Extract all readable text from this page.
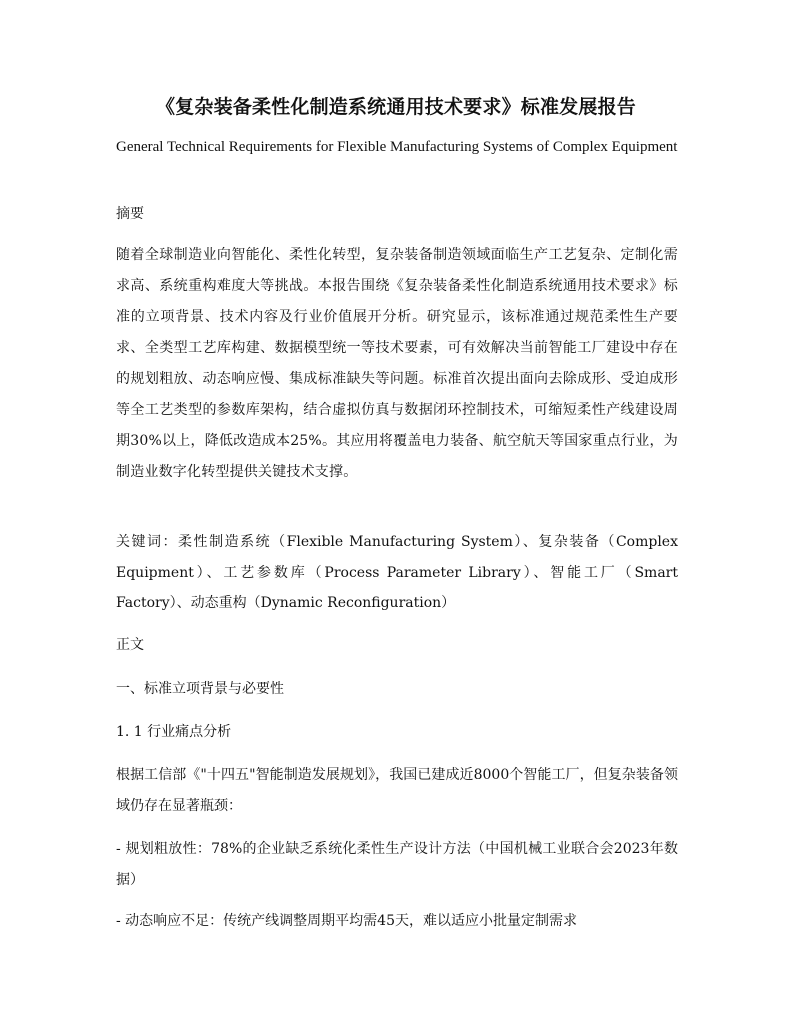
《复杂装备柔性化制造系统通用技术要求》标准发展报告
General Technical Requirements for Flexible Manufacturing Systems of Complex Equipment
摘要
随着全球制造业向智能化、柔性化转型，复杂装备制造领域面临生产工艺复杂、定制化需求高、系统重构难度大等挑战。本报告围绕《复杂装备柔性化制造系统通用技术要求》标准的立项背景、技术内容及行业价值展开分析。研究显示，该标准通过规范柔性生产要求、全类型工艺库构建、数据模型统一等技术要素，可有效解决当前智能工厂建设中存在的规划粗放、动态响应慢、集成标准缺失等问题。标准首次提出面向去除成形、受迫成形等全工艺类型的参数库架构，结合虚拟仿真与数据闭环控制技术，可缩短柔性产线建设周期30%以上，降低改造成本25%。其应用将覆盖电力装备、航空航天等国家重点行业，为制造业数字化转型提供关键技术支撑。
关键词：柔性制造系统（Flexible Manufacturing System）、复杂装备（Complex Equipment）、工艺参数库（Process Parameter Library）、智能工厂（Smart Factory）、动态重构（Dynamic Reconfiguration）
正文
一、标准立项背景与必要性
1. 1 行业痛点分析
根据工信部《"十四五"智能制造发展规划》，我国已建成近8000个智能工厂，但复杂装备领域仍存在显著瓶颈：
- 规划粗放性：78%的企业缺乏系统化柔性生产设计方法（中国机械工业联合会2023年数据）
- 动态响应不足：传统产线调整周期平均需45天，难以适应小批量定制需求
